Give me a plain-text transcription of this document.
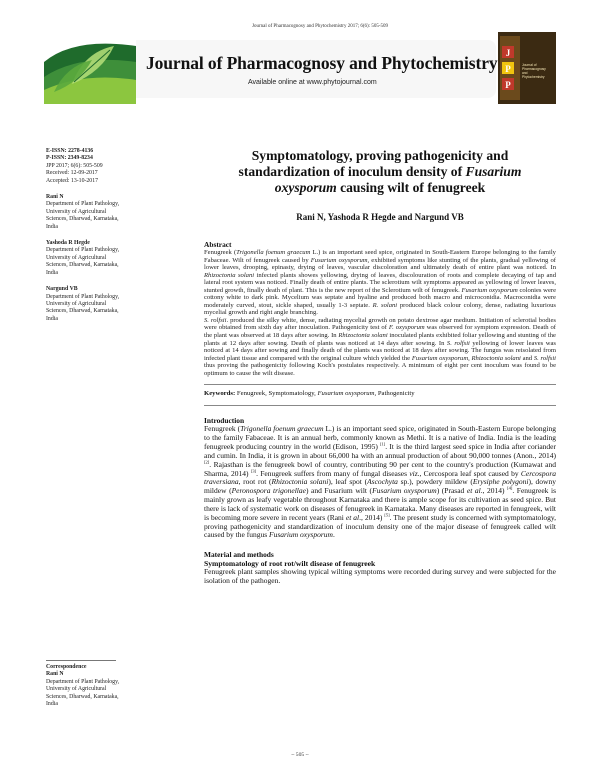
Journal of Pharmacognosy and Phytochemistry 2017; 6(6): 505-509
Journal of Pharmacognosy and Phytochemistry
Available online at www.phytojournal.com
J
P
P
Journal of
Pharmacognosy
and
Phytochemistry
E-ISSN: 2278-4136
P-ISSN: 2349-8234
JPP 2017; 6(6): 505-509
Received: 12-09-2017
Accepted: 13-10-2017
Rani N
Department of Plant Pathology,
University of Agricultural
Sciences, Dharwad, Karnataka,
India
Yashoda R Hegde
Department of Plant Pathology,
University of Agricultural
Sciences, Dharwad, Karnataka,
India
Nargund VB
Department of Plant Pathology,
University of Agricultural
Sciences, Dharwad, Karnataka,
India
Correspondence
Rani N
Department of Plant Pathology,
University of Agricultural
Sciences, Dharwad, Karnataka,
India
Symptomatology, proving pathogenicity and
standardization of inoculum density of Fusarium
oxysporum causing wilt of fenugreek
Rani N, Yashoda R Hegde and Nargund VB
Abstract

Fenugreek (Trigonella foenum graecum L.) is an important seed spice, originated in South-Eastern Europe belonging to the family Fabaceae. Wilt of fenugreek caused by Fusarium oxysporum, exhibited symptoms like stunting of the plants, gradual yellowing of lower leaves, drooping, epinasty, drying of leaves, vascular discoloration and ultimately death of entire plant was noticed. In Rhizoctonia solani infected plants showes yellowing, drying of leaves, discolouration of roots and complete decaying of tap and lateral root system was noticed. Finally death of entire plants. The sclerotium wilt symptoms appeared as yellowing of lower leaves, stunted growth, finally death of plant. This is the new report of the Sclerotium wilt of fenugreek. Fusarium oxysporum colonies were cottony white to dark pink. Mycelium was septate and hyaline and produced both macro and microconidia. Macroconidia were moderately curved, stout, sickle shaped, usually 1-3 septate. R. solani produced black colour colony, dense, radiating luxurious mycelial growth and right angle branching.

S. rolfsii. produced the silky white, dense, radiating mycelial growth on potato dextrose agar medium. Initiation of sclerotial bodies were obtained from sixth day after inoculation. Pathogenicity test of F. oxysporum was observed for symptom expression. Death of the plant was observed at 18 days after sowing. In Rhizoctonia solani inoculated plants exhibited foliar yellowing and stunting of the plants at 12 days after sowing. Death of plants was noticed at 14 days after sowing. In S. rolfsii yellowing of lower leaves was noticed at 14 days after sowing and finally death of the plants was noticed at 18 days after sowing. The fungus was reisolated from infected plant tissue and compared with the original culture which yielded the Fusarium oxysporum, Rhizoctonia solani and S. rolfsii thus proving the pathogenicity following Koch's postulates respectively. A minimum of eight per cent inoculum was found to be optimum to cause the wilt disease.

Keywords: Fenugreek, Symptomatology, Fusarium oxysporum, Pathogenicity
Introduction
Fenugreek (Trigonella foenum graecum L.) is an important seed spice, originated in South-Eastern Europe belonging to the family Fabaceae. It is an annual herb, commonly known as Methi. It is a native of India. India is the leading fenugreek producing country in the world (Edison, 1995) [1]. It is the third largest seed spice in India after coriander and cumin. In India, it is grown in about 66,000 ha with an annual production of about 90,000 tonnes (Anon., 2014) [2]. Rajasthan is the fenugreek bowl of country, contributing 90 per cent to the country's production (Kumawat and Sharma, 2014) [3]. Fenugreek suffers from many of fungal diseases viz., Cercospora leaf spot caused by Cercospora traversiana, root rot (Rhizoctonia solani), leaf spot (Ascochyta sp.), powdery mildew (Erysiphe polygoni), downy mildew (Peronospora trigonellae) and Fusarium wilt (Fusarium oxysporum) (Prasad et al., 2014) [4]. Fenugreek is mainly grown as leafy vegetable throughout Karnataka and there is ample scope for its cultivation as seed spice. But there is lack of systematic work on diseases of fenugreek in Karnataka. Many diseases are reported in fenugreek, wilt is becoming more severe in recent years (Rani et al., 2014) [5]. The present study is concerned with symptomatology, proving pathogenicity and standardization of inoculum density one of the major disease of fenugreek called wilt caused by the fungus Fusarium oxysporum.
Material and methods
Symptomatology of root rot/wilt disease of fenugreek
Fenugreek plant samples showing typical wilting symptoms were recorded during survey and were subjected for the isolation of the pathogen.
~ 505 ~
